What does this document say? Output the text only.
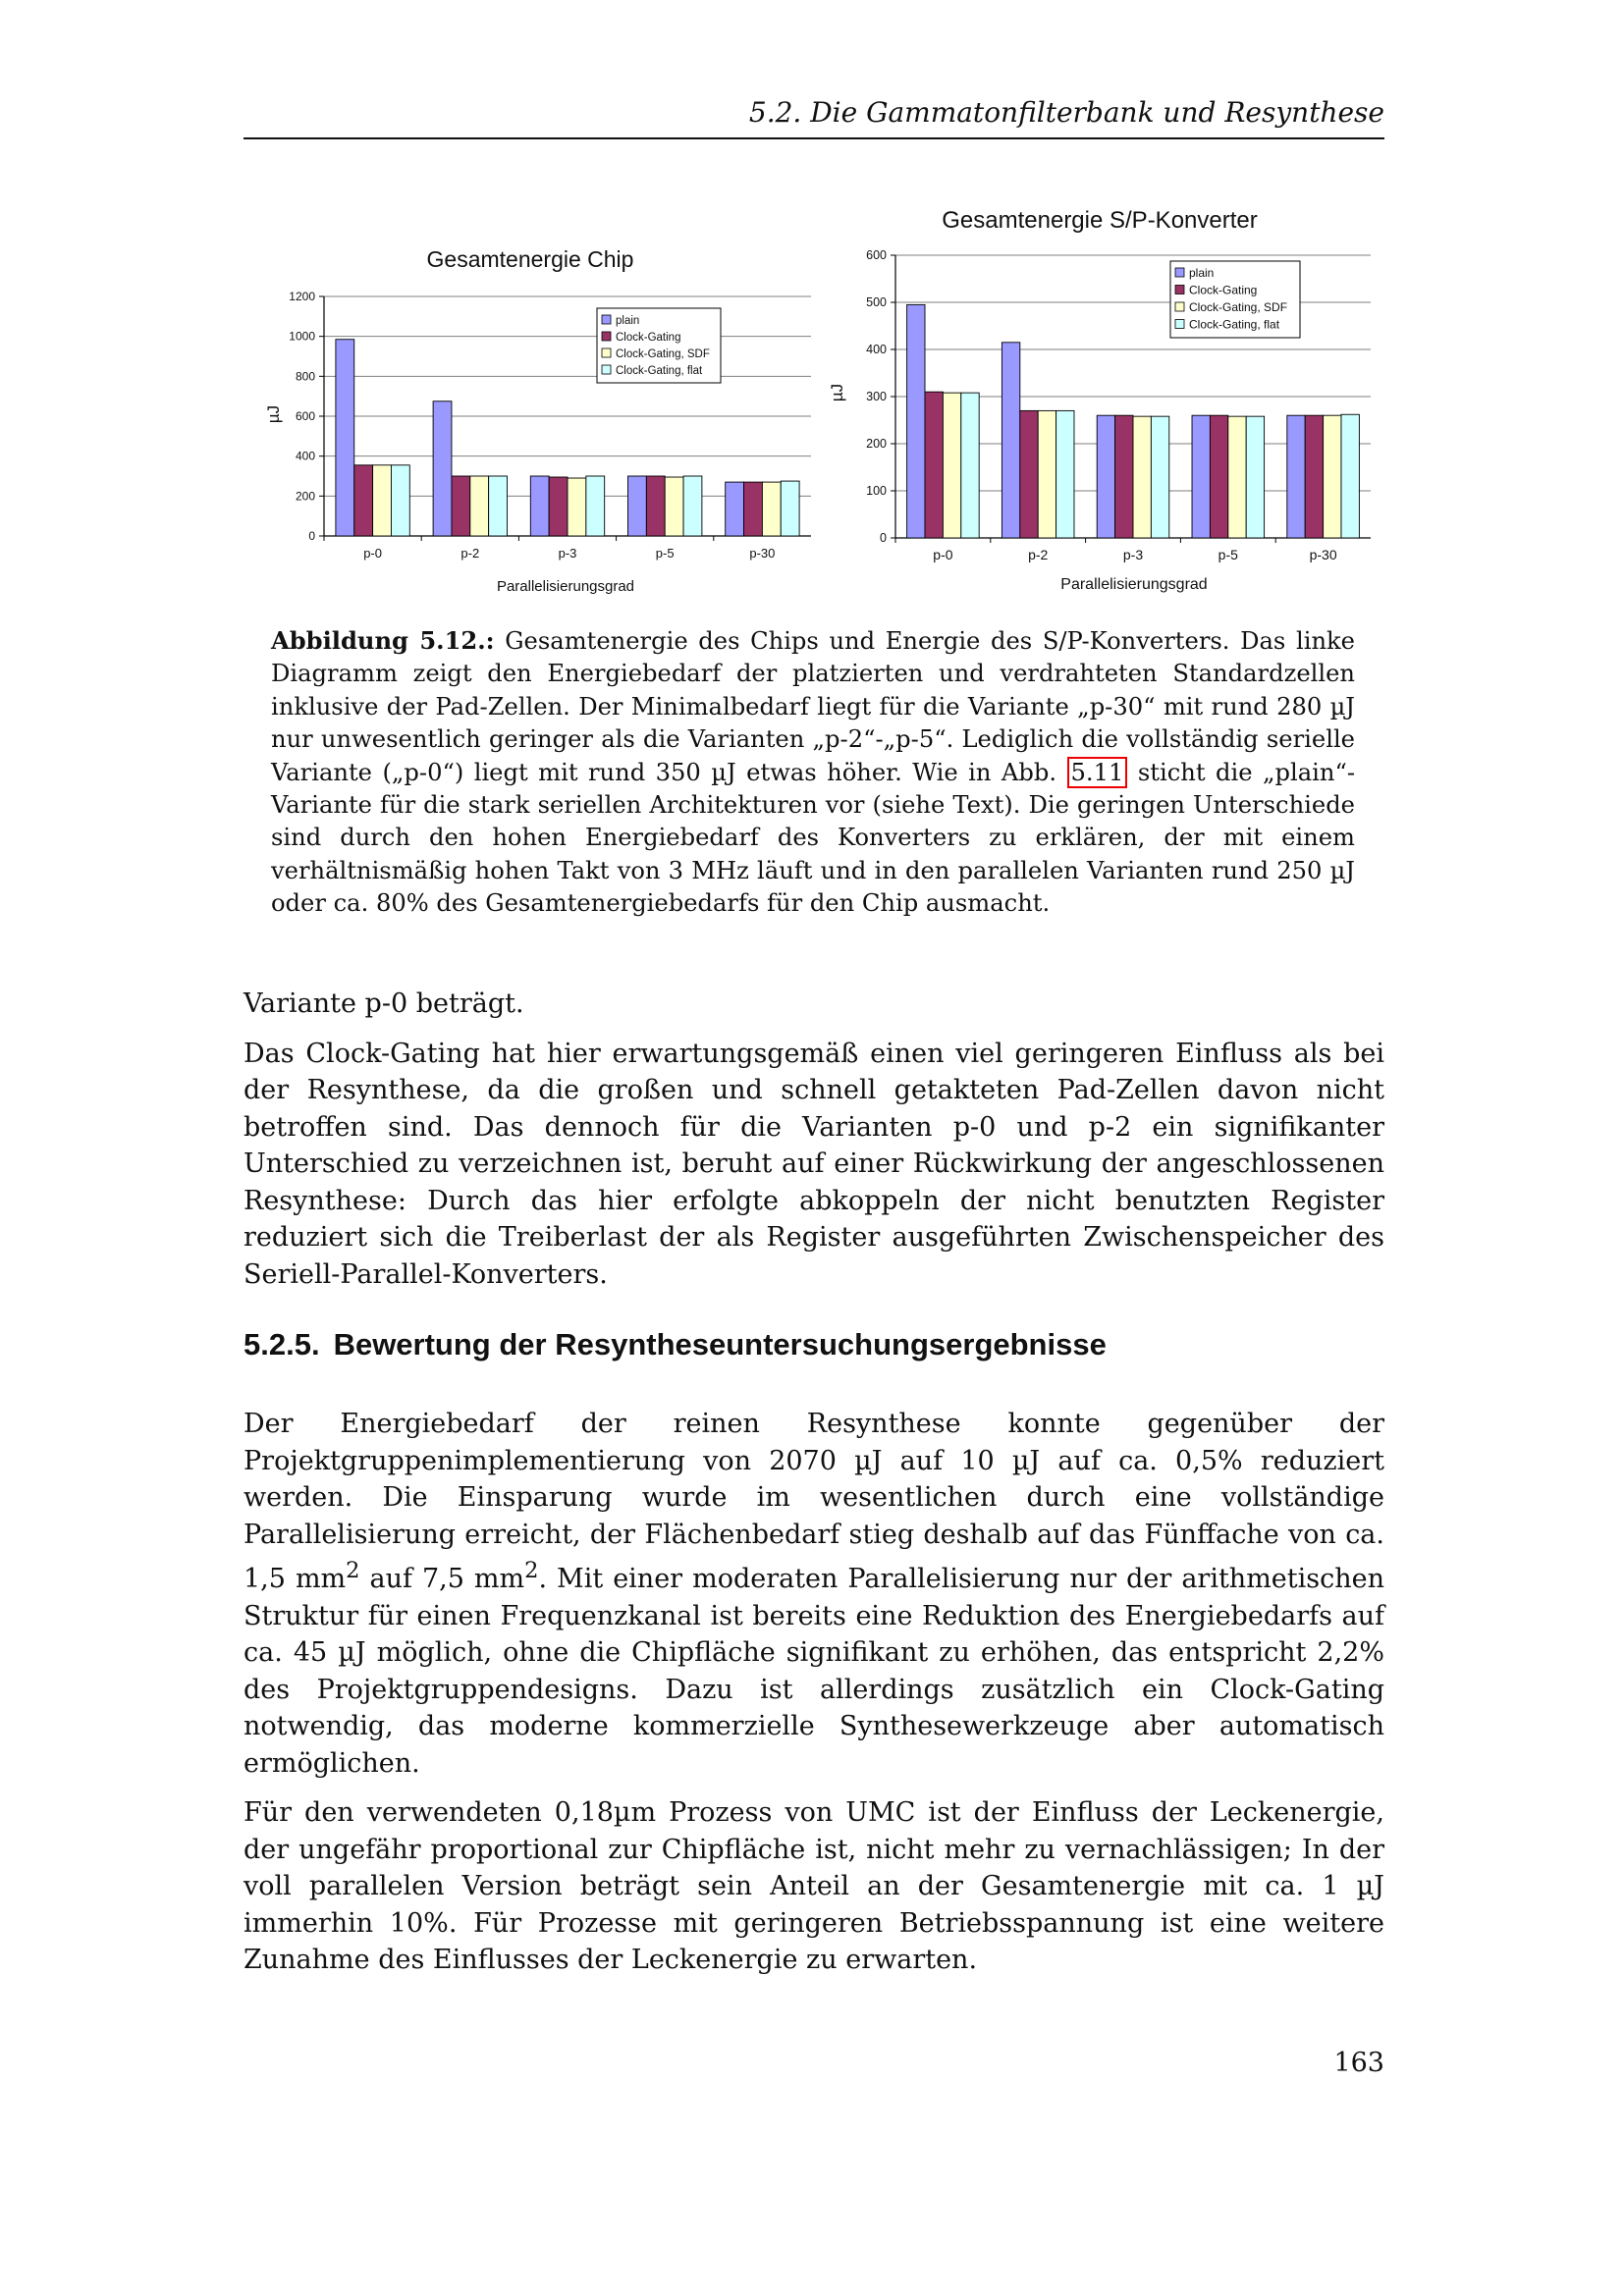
5.2. Die Gammatonfilterbank und Resynthese
Gesamtenergie Chip
µJ
Parallelisierungsgrad
0
200
400
600
800
1000
1200
p-0	p-2	p-3	p-5	p-30
plain
Clock-Gating
Clock-Gating, SDF
Clock-Gating, flat
Gesamtenergie S/P-Konverter
µJ
Parallelisierungsgrad
0
100
200
300
400
500
600
p-0	p-2	p-3	p-5	p-30
plain
Clock-Gating
Clock-Gating, SDF
Clock-Gating, flat
Abbildung 5.12.: Gesamtenergie des Chips und Energie des S/P-Konverters. Das linke Diagramm zeigt den Energiebedarf der platzierten und verdrahteten Standardzellen inklusive der Pad-Zellen. Der Minimalbedarf liegt für die Variante „p-30“ mit rund 280 µJ nur unwesentlich geringer als die Varianten „p-2“-„p-5“. Lediglich die vollständig serielle Variante („p-0“) liegt mit rund 350 µJ etwas höher. Wie in Abb. 5.11 sticht die „plain“-Variante für die stark seriellen Architekturen vor (siehe Text). Die geringen Unterschiede sind durch den hohen Energiebedarf des Konverters zu erklären, der mit einem verhältnismäßig hohen Takt von 3 MHz läuft und in den parallelen Varianten rund 250 µJ oder ca. 80% des Gesamtenergiebedarfs für den Chip ausmacht.

Variante p-0 beträgt.

Das Clock-Gating hat hier erwartungsgemäß einen viel geringeren Einfluss als bei der Resynthese, da die großen und schnell getakteten Pad-Zellen davon nicht betroffen sind. Das dennoch für die Varianten p-0 und p-2 ein signifikanter Unterschied zu verzeichnen ist, beruht auf einer Rückwirkung der angeschlossenen Resynthese: Durch das hier erfolgte abkoppeln der nicht benutzten Register reduziert sich die Treiberlast der als Register ausgeführten Zwischenspeicher des Seriell-Parallel-Konverters.

5.2.5. Bewertung der Resyntheseuntersuchungsergebnisse

Der Energiebedarf der reinen Resynthese konnte gegenüber der Projektgruppenimplementierung von 2070 µJ auf 10 µJ auf ca. 0,5% reduziert werden. Die Einsparung wurde im wesentlichen durch eine vollständige Parallelisierung erreicht, der Flächenbedarf stieg deshalb auf das Fünffache von ca. 1,5 $mm^2$ auf 7,5 $mm^2$. Mit einer moderaten Parallelisierung nur der arithmetischen Struktur für einen Frequenzkanal ist bereits eine Reduktion des Energiebedarfs auf ca. 45 µJ möglich, ohne die Chipfläche signifikant zu erhöhen, das entspricht 2,2% des Projektgruppendesigns. Dazu ist allerdings zusätzlich ein Clock-Gating notwendig, das moderne kommerzielle Synthesewerkzeuge aber automatisch ermöglichen.

Für den verwendeten 0,18µm Prozess von UMC ist der Einfluss der Leckenergie, der ungefähr proportional zur Chipfläche ist, nicht mehr zu vernachlässigen; In der voll parallelen Version beträgt sein Anteil an der Gesamtenergie mit ca. 1 µJ immerhin 10%. Für Prozesse mit geringeren Betriebsspannung ist eine weitere Zunahme des Einflusses der Leckenergie zu erwarten.

163
